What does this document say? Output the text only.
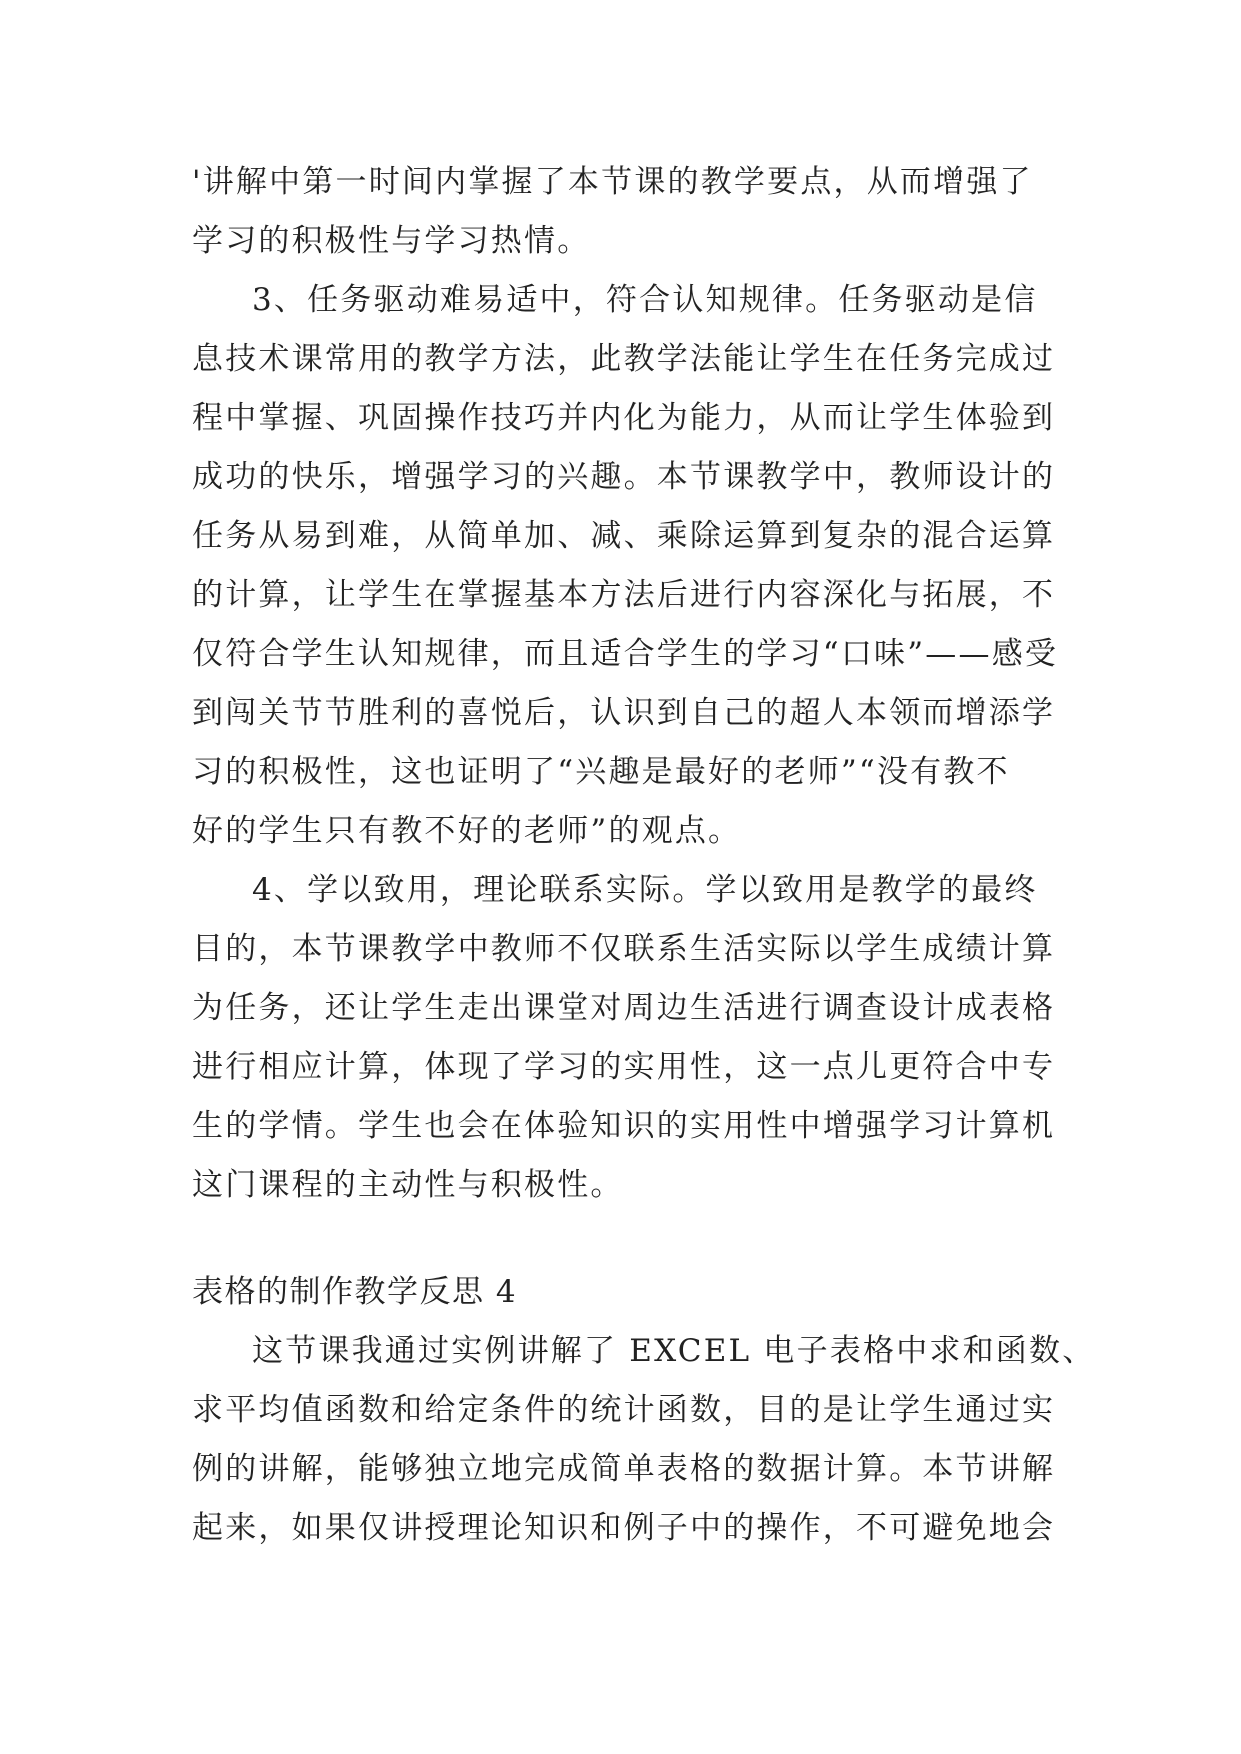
'讲解中第一时间内掌握了本节课的教学要点，从而增强了
学习的积极性与学习热情。
3、任务驱动难易适中，符合认知规律。任务驱动是信
息技术课常用的教学方法，此教学法能让学生在任务完成过
程中掌握、巩固操作技巧并内化为能力，从而让学生体验到
成功的快乐，增强学习的兴趣。本节课教学中，教师设计的
任务从易到难，从简单加、减、乘除运算到复杂的混合运算
的计算，让学生在掌握基本方法后进行内容深化与拓展，不
仅符合学生认知规律，而且适合学生的学习“口味”——感受
到闯关节节胜利的喜悦后，认识到自己的超人本领而增添学
习的积极性，这也证明了“兴趣是最好的老师”“没有教不
好的学生只有教不好的老师”的观点。
4、学以致用，理论联系实际。学以致用是教学的最终
目的，本节课教学中教师不仅联系生活实际以学生成绩计算
为任务，还让学生走出课堂对周边生活进行调查设计成表格
进行相应计算，体现了学习的实用性，这一点儿更符合中专
生的学情。学生也会在体验知识的实用性中增强学习计算机
这门课程的主动性与积极性。
表格的制作教学反思 4
这节课我通过实例讲解了 EXCEL 电子表格中求和函数、
求平均值函数和给定条件的统计函数，目的是让学生通过实
例的讲解，能够独立地完成简单表格的数据计算。本节讲解
起来，如果仅讲授理论知识和例子中的操作，不可避免地会
